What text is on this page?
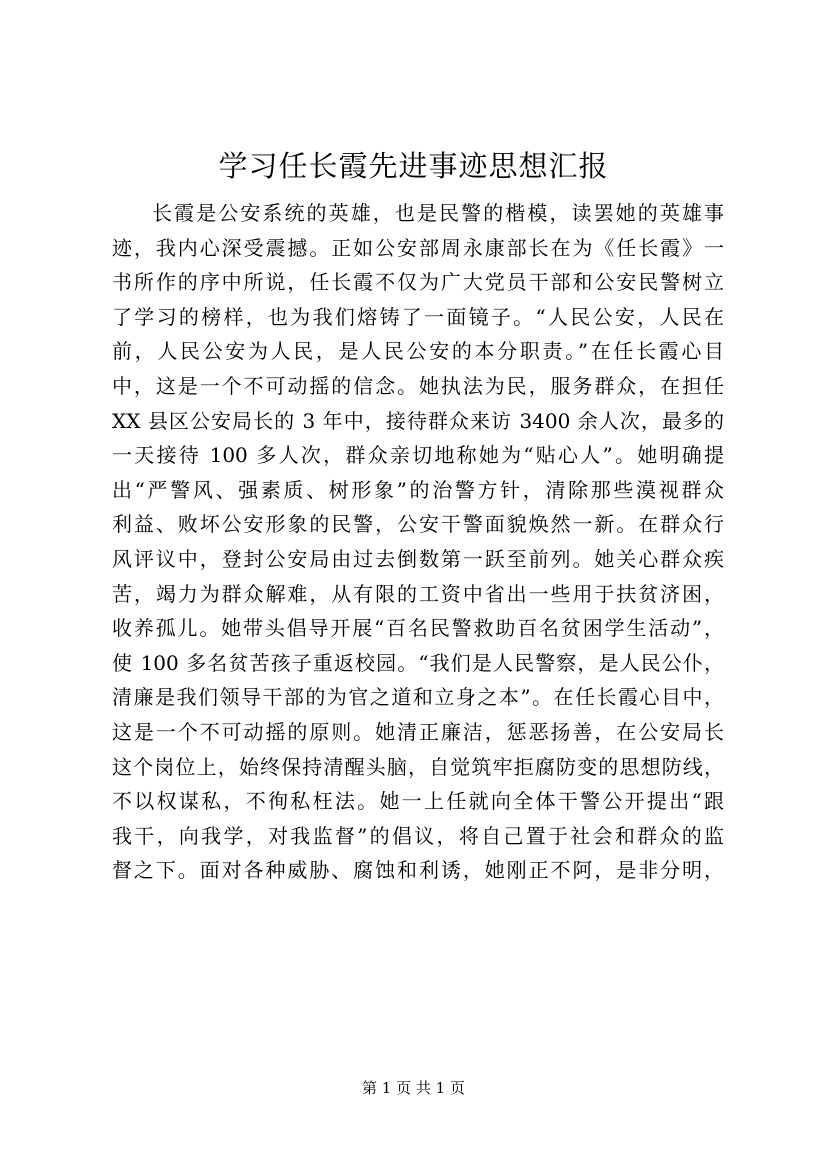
学习任长霞先进事迹思想汇报
长霞是公安系统的英雄，也是民警的楷模，读罢她的英雄事
迹，我内心深受震撼。正如公安部周永康部长在为《任长霞》一
书所作的序中所说，任长霞不仅为广大党员干部和公安民警树立
了学习的榜样，也为我们熔铸了一面镜子。“人民公安，人民在
前，人民公安为人民，是人民公安的本分职责。”在任长霞心目
中，这是一个不可动摇的信念。她执法为民，服务群众，在担任
XX 县区公安局长的 3 年中，接待群众来访 3400 余人次，最多的
一天接待 100 多人次，群众亲切地称她为“贴心人”。她明确提
出“严警风、强素质、树形象”的治警方针，清除那些漠视群众
利益、败坏公安形象的民警，公安干警面貌焕然一新。在群众行
风评议中，登封公安局由过去倒数第一跃至前列。她关心群众疾
苦，竭力为群众解难，从有限的工资中省出一些用于扶贫济困，
收养孤儿。她带头倡导开展“百名民警救助百名贫困学生活动”，
使 100 多名贫苦孩子重返校园。“我们是人民警察，是人民公仆，
清廉是我们领导干部的为官之道和立身之本”。在任长霞心目中，
这是一个不可动摇的原则。她清正廉洁，惩恶扬善，在公安局长
这个岗位上，始终保持清醒头脑，自觉筑牢拒腐防变的思想防线，
不以权谋私，不徇私枉法。她一上任就向全体干警公开提出“跟
我干，向我学，对我监督”的倡议，将自己置于社会和群众的监
督之下。面对各种威胁、腐蚀和利诱，她刚正不阿，是非分明，
第 1 页 共 1 页
